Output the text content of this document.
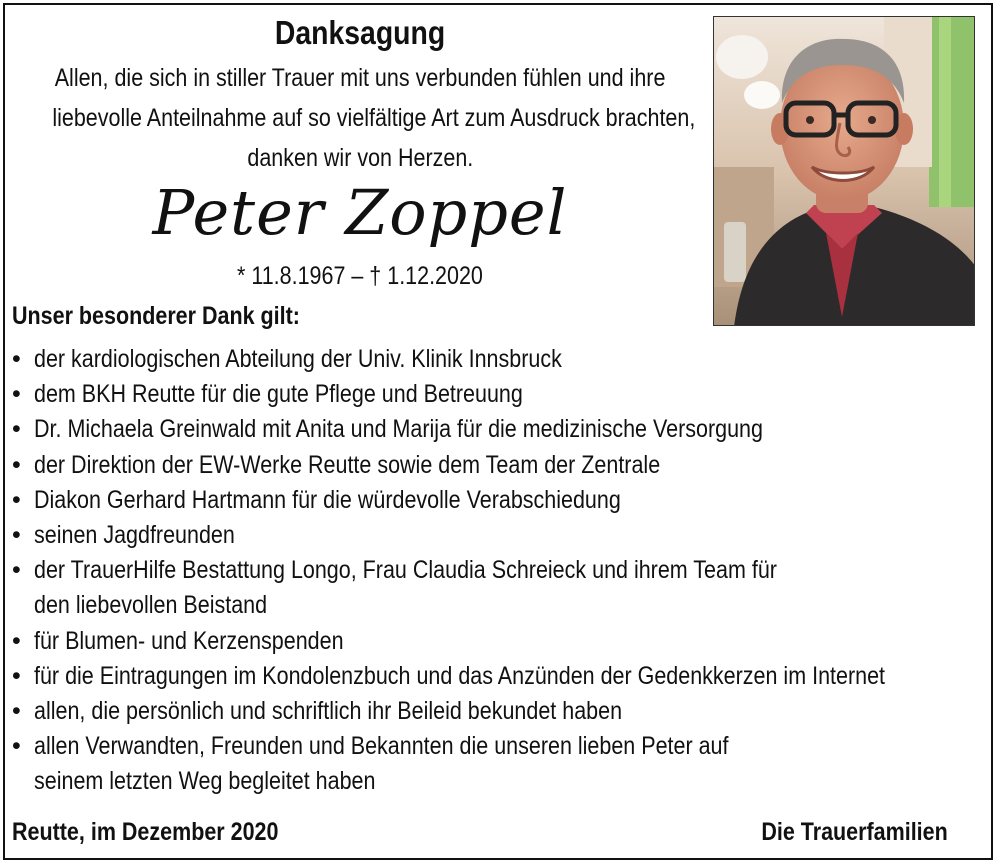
Danksagung
Allen, die sich in stiller Trauer mit uns verbunden fühlen und ihre
liebevolle Anteilnahme auf so vielfältige Art zum Ausdruck brachten,
danken wir von Herzen.
Peter Zoppel
* 11.8.1967 – † 1.12.2020
Unser besonderer Dank gilt:
• der kardiologischen Abteilung der Univ. Klinik Innsbruck
• dem BKH Reutte für die gute Pflege und Betreuung
• Dr. Michaela Greinwald mit Anita und Marija für die medizinische Versorgung
• der Direktion der EW-Werke Reutte sowie dem Team der Zentrale
• Diakon Gerhard Hartmann für die würdevolle Verabschiedung
• seinen Jagdfreunden
• der TrauerHilfe Bestattung Longo, Frau Claudia Schreieck und ihrem Team für
den liebevollen Beistand
• für Blumen- und Kerzenspenden
• für die Eintragungen im Kondolenzbuch und das Anzünden der Gedenkkerzen im Internet
• allen, die persönlich und schriftlich ihr Beileid bekundet haben
• allen Verwandten, Freunden und Bekannten die unseren lieben Peter auf
seinem letzten Weg begleitet haben
Reutte, im Dezember 2020	Die Trauerfamilien
